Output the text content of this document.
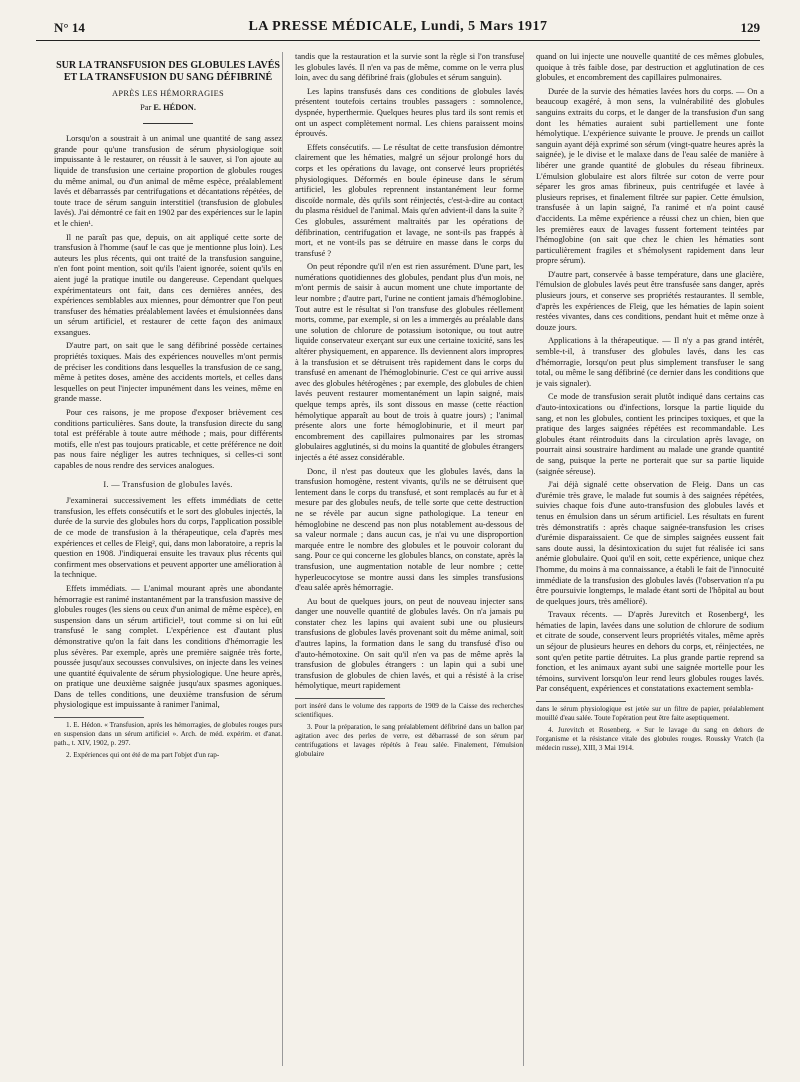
N° 14	LA PRESSE MÉDICALE, Lundi, 5 Mars 1917	129
SUR LA TRANSFUSION DES GLOBULES LAVÉS ET LA TRANSFUSION DU SANG DÉFIBRINÉ
APRÈS LES HÉMORRAGIES
Par E. HÉDON.

Lorsqu'on a soustrait à un animal une quantité de sang assez grande pour qu'une transfusion de sérum physiologique soit impuissante à le restaurer, on réussit à le sauver, si l'on ajoute au liquide de transfusion une certaine proportion de globules rouges du même animal, ou d'un animal de même espèce, préalablement lavés et débarrassés par centrifugations et décantations répétées, de toute trace de sérum sanguin interstitiel (transfusion de globules lavés). J'ai démontré ce fait en 1902 par des expériences sur le lapin et le chien¹.

Il ne paraît pas que, depuis, on ait appliqué cette sorte de transfusion à l'homme (sauf le cas que je mentionne plus loin). Les auteurs les plus récents, qui ont traité de la transfusion sanguine, n'en font point mention, soit qu'ils l'aient ignorée, soient qu'ils en aient jugé la pratique inutile ou dangereuse. Cependant quelques expérimentateurs ont fait, dans ces dernières années, des expériences semblables aux miennes, pour démontrer que l'on peut transfuser des hématies préalablement lavées et émulsionnées dans un sérum artificiel, et restaurer de cette façon des animaux exsangues.

D'autre part, on sait que le sang défibriné possède certaines propriétés toxiques. Mais des expériences nouvelles m'ont permis de préciser les conditions dans lesquelles la transfusion de ce sang, même à petites doses, amène des accidents mortels, et celles dans lesquelles on peut l'injecter impunément dans les veines, même en grande masse.

Pour ces raisons, je me propose d'exposer brièvement ces conditions particulières. Sans doute, la transfusion directe du sang total est préférable à toute autre méthode ; mais, pour différents motifs, elle n'est pas toujours praticable, et cette préférence ne doit pas nous faire négliger les autres techniques, si celles-ci sont capables de nous rendre des services analogues.

I. — Transfusion de globules lavés.

J'examinerai successivement les effets immédiats de cette transfusion, les effets consécutifs et le sort des globules injectés, la durée de la survie des globules hors du corps, l'application possible de ce mode de transfusion à la thérapeutique, cela d'après mes expériences et celles de Fleig², qui, dans mon laboratoire, a repris la question en 1908. J'indiquerai ensuite les travaux plus récents qui confirment mes observations et peuvent apporter une amélioration à la technique.

Effets immédiats. — L'animal mourant après une abondante hémorragie est ranimé instantanément par la transfusion massive de globules rouges (les siens ou ceux d'un animal de même espèce), en suspension dans un sérum artificiel³, tout comme si on lui eût transfusé le sang complet. L'expérience est d'autant plus démonstrative qu'on la fait dans les conditions d'hémorragie les plus sévères. Par exemple, après une première saignée très forte, poussée jusqu'aux secousses convulsives, on injecte dans les veines une quantité équivalente de sérum physiologique. Une heure après, on pratique une deuxième saignée jusqu'aux spasmes agoniques. Dans de telles conditions, une deuxième transfusion de sérum physiologique est impuissante à ranimer l'animal,

1. E. Hédon. « Transfusion, après les hémorragies, de globules rouges purs en suspension dans un sérum artificiel ». Arch. de méd. expérim. et d'anat. path., t. XIV, 1902, p. 297.

2. Expériences qui ont été de ma part l'objet d'un rap-

tandis que la restauration et la survie sont la règle si l'on transfuse les globules lavés. Il n'en va pas de même, comme on le verra plus loin, avec du sang défibriné frais (globules et sérum sanguin).

Les lapins transfusés dans ces conditions de globules lavés présentent toutefois certains troubles passagers : somnolence, dyspnée, hyperthermie. Quelques heures plus tard ils sont remis et ont un aspect complètement normal. Les chiens paraissent moins éprouvés.

Effets consécutifs. — Le résultat de cette transfusion démontre clairement que les hématies, malgré un séjour prolongé hors du corps et les opérations du lavage, ont conservé leurs propriétés physiologiques. Déformés en boule épineuse dans le sérum artificiel, les globules reprennent instantanément leur forme discoïde normale, dès qu'ils sont réinjectés, c'est-à-dire au contact du plasma résiduel de l'animal. Mais qu'en advient-il dans la suite ? Ces globules, assurément maltraités par les opérations de défibrination, centrifugation et lavage, ne sont-ils pas frappés à mort, et ne vont-ils pas se détruire en masse dans le corps du transfusé ?

On peut répondre qu'il n'en est rien assurément. D'une part, les numérations quotidiennes des globules, pendant plus d'un mois, ne m'ont permis de saisir à aucun moment une chute importante de leur nombre ; d'autre part, l'urine ne contient jamais d'hémoglobine. Tout autre est le résultat si l'on transfuse des globules réellement morts, comme, par exemple, si on les a immergés au préalable dans une solution de chlorure de potassium isotonique, ou tout autre liquide conservateur exerçant sur eux une certaine toxicité, sans les altérer physiquement, en apparence. Ils deviennent alors impropres à la transfusion et se détruisent très rapidement dans le corps du transfusé en amenant de l'hémoglobinurie. C'est ce qui arrive aussi avec des globules hétérogènes ; par exemple, des globules de chien lavés peuvent restaurer momentanément un lapin saigné, mais quelque temps après, ils sont dissous en masse (cette réaction hémolytique apparaît au bout de trois à quatre jours) ; l'animal présente alors une forte hémoglobinurie, et il meurt par encombrement des capillaires pulmonaires par les stromas globulaires agglutinés, si du moins la quantité de globules étrangers injectés a été assez considérable.

Donc, il n'est pas douteux que les globules lavés, dans la transfusion homogène, restent vivants, qu'ils ne se détruisent que lentement dans le corps du transfusé, et sont remplacés au fur et à mesure par des globules neufs, de telle sorte que cette destruction ne se révèle par aucun signe pathologique. La teneur en hémoglobine ne descend pas non plus notablement au-dessous de sa valeur normale ; dans aucun cas, je n'ai vu une disproportion marquée entre le nombre des globules et le pouvoir colorant du sang. Pour ce qui concerne les globules blancs, on constate, après la transfusion, une augmentation notable de leur nombre ; cette hyperleucocytose se montre aussi dans les simples transfusions d'eau salée après hémorragie.

Au bout de quelques jours, on peut de nouveau injecter sans danger une nouvelle quantité de globules lavés. On n'a jamais pu constater chez les lapins qui avaient subi une ou plusieurs transfusions de globules lavés provenant soit du même animal, soit d'autres lapins, la formation dans le sang du transfusé d'iso ou d'auto-hémotoxine. On sait qu'il n'en va pas de même après la transfusion de globules étrangers : un lapin qui a subi une transfusion de globules de chien lavés, et qui a résisté à la crise hémolytique, meurt rapidement

port inséré dans le volume des rapports de 1909 de la Caisse des recherches scientifiques.

3. Pour la préparation, le sang préalablement défibriné dans un ballon par agitation avec des perles de verre, est débarrassé de son sérum par centrifugations et lavages répétés à l'eau salée. Finalement, l'émulsion globulaire

quand on lui injecte une nouvelle quantité de ces mêmes globules, quoique à très faible dose, par destruction et agglutination de ces globules, et encombrement des capillaires pulmonaires.

Durée de la survie des hématies lavées hors du corps. — On a beaucoup exagéré, à mon sens, la vulnérabilité des globules sanguins extraits du corps, et le danger de la transfusion d'un sang dont les hématies auraient subi partiellement une fonte hémolytique. L'expérience suivante le prouve. Je prends un caillot sanguin ayant déjà exprimé son sérum (vingt-quatre heures après la saignée), je le divise et le malaxe dans de l'eau salée de manière à libérer une grande quantité de globules du réseau fibrineux. L'émulsion globulaire est alors filtrée sur coton de verre pour séparer les gros amas fibrineux, puis centrifugée et lavée à plusieurs reprises, et finalement filtrée sur papier. Cette émulsion, transfusée à un lapin saigné, l'a ranimé et n'a point causé d'accidents. La même expérience a réussi chez un chien, bien que les premières eaux de lavages fussent fortement teintées par l'hémoglobine (on sait que chez le chien les hématies sont particulièrement fragiles et s'hémolysent rapidement dans leur propre sérum).

D'autre part, conservée à basse température, dans une glacière, l'émulsion de globules lavés peut être transfusée sans danger, après plusieurs jours, et conserve ses propriétés restaurantes. Il semble, d'après les expériences de Fleig, que les hématies de lapin soient restées vivantes, dans ces conditions, pendant huit et même onze à douze jours.

Applications à la thérapeutique. — Il n'y a pas grand intérêt, semble-t-il, à transfuser des globules lavés, dans les cas d'hémorragie, lorsqu'on peut plus simplement transfuser le sang total, ou même le sang défibriné (ce dernier dans les conditions que je vais signaler).

Ce mode de transfusion serait plutôt indiqué dans certains cas d'auto-intoxications ou d'infections, lorsque la partie liquide du sang, et non les globules, contient les principes toxiques, et que la pratique des larges saignées répétées est recommandable. Les globules étant réintroduits dans la circulation après lavage, on pourrait ainsi soustraire hardiment au malade une grande quantité de sang, puisque la perte ne porterait que sur sa partie liquide (saignée séreuse).

J'ai déjà signalé cette observation de Fleig. Dans un cas d'urémie très grave, le malade fut soumis à des saignées répétées, suivies chaque fois d'une auto-transfusion des globules lavés et tenus en émulsion dans un sérum artificiel. Les résultats en furent très démonstratifs : après chaque saignée-transfusion les crises d'urémie disparaissaient. Ce que de simples saignées eussent fait sans doute aussi, la désintoxication du sujet fut réalisée ici sans anémie globulaire. Quoi qu'il en soit, cette expérience, unique chez l'homme, du moins à ma connaissance, a établi le fait de l'innocuité immédiate de la transfusion des globules lavés (l'observation n'a pu être poursuivie longtemps, le malade étant sorti de l'hôpital au bout de quelques jours, très amélioré).

Travaux récents. — D'après Jurevitch et Rosenberg⁴, les hématies de lapin, lavées dans une solution de chlorure de sodium et citrate de soude, conservent leurs propriétés vitales, même après un séjour de plusieurs heures en dehors du corps, et, réinjectées, ne sont qu'en petite partie détruites. La plus grande partie reprend sa fonction, et les animaux ayant subi une saignée mortelle pour les témoins, survivent lorsqu'on leur rend leurs globules rouges lavés. Par conséquent, expériences et constatations exactement sembla-

dans le sérum physiologique est jetée sur un filtre de papier, préalablement mouillé d'eau salée. Toute l'opération peut être faite aseptiquement.

4. Jurevitch et Rosenberg. « Sur le lavage du sang en dehors de l'organisme et la résistance vitale des globules rouges. Roussky Vratch (la médecin russe), XIII, 3 Mai 1914.
